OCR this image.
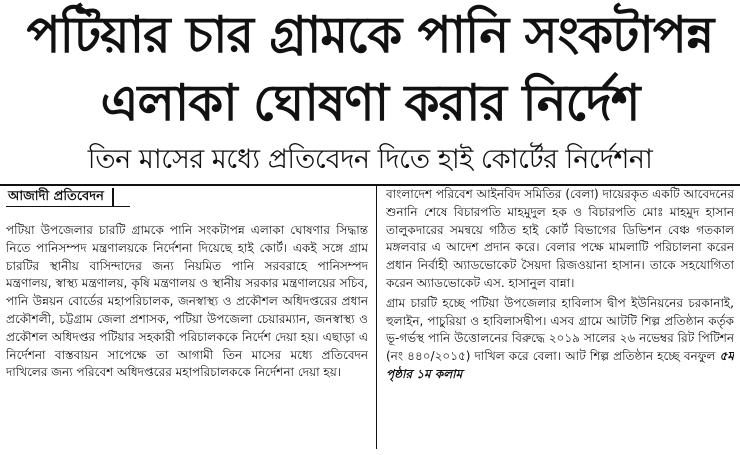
পটিয়ার চার গ্রামকে পানি সংকটাপন্ন
এলাকা ঘোষণা করার নির্দেশ
তিন মাসের মধ্যে প্রতিবেদন দিতে হাই কোর্টের নির্দেশনা
আজাদী প্রতিবেদন

পটিয়া উপজেলার চারটি গ্রামকে পানি সংকটাপন্ন এলাকা ঘোষণার সিদ্ধান্ত নিতে পানিসম্পদ মন্ত্রণালয়কে নির্দেশনা দিয়েছে হাই কোর্ট। একই সঙ্গে গ্রাম চারটির স্থানীয় বাসিন্দাদের জন্য নিয়মিত পানি সরবরাহে পানিসম্পদ মন্ত্রণালয়, স্বাস্থ্য মন্ত্রণালয়, কৃষি মন্ত্রণালয় ও স্থানীয় সরকার মন্ত্রণালয়ের সচিব, পানি উন্নয়ন বোর্ডের মহাপরিচালক, জনস্বাস্থ্য ও প্রকৌশল অধিদপ্তরের প্রধান প্রকৌশলী, চট্টগ্রাম জেলা প্রশাসক, পটিয়া উপজেলা চেয়ারম্যান, জনস্বাস্থ্য ও প্রকৌশল অধিদপ্তর পটিয়ার সহকারী পরিচালককে নির্দেশ দেয়া হয়। এছাড়া এ নির্দেশনা বাস্তবায়ন সাপেক্ষে তা আগামী তিন মাসের মধ্যে প্রতিবেদন দাখিলের জন্য পরিবেশ অধিদপ্তরের মহাপরিচালককে নির্দেশনা দেয়া হয়।

বাংলাদেশ পরিবেশ আইনবিদ সমিতির (বেলা) দায়েরকৃত একটি আবেদনের শুনানি শেষে বিচারপতি মাহমুদুল হক ও বিচারপতি মোঃ মাহমুদ হাসান তালুকদারের সমন্বয়ে গঠিত হাই কোর্ট বিভাগের ডিভিশন বেঞ্চ গতকাল মঙ্গলবার এ আদেশ প্রদান করে। বেলার পক্ষে মামলাটি পরিচালনা করেন প্রধান নির্বাহী অ্যাডভোকেট সৈয়দা রিজওয়ানা হাসান। তাকে সহযোগিতা করেন অ্যাডভোকেট এস. হাসানুল বান্না।

গ্রাম চারটি হচ্ছে পটিয়া উপজেলার হাবিলাস দ্বীপ ইউনিয়নের চরকানাই, হুলাইন, পাচুরিয়া ও হাবিলাসদ্বীপ। এসব গ্রামে আটটি শিল্প প্রতিষ্ঠান কর্তৃক ভূ-গর্ভস্থ পানি উত্তোলনের বিরুদ্ধে ২০১৯ সালের ২৬ নভেম্বর রিট পিটিশন (নং ৪৪০/২০১৫) দাখিল করে বেলা। আট শিল্প প্রতিষ্ঠান হচ্ছে বনফুল ৫ম পৃষ্ঠার ১ম কলাম
